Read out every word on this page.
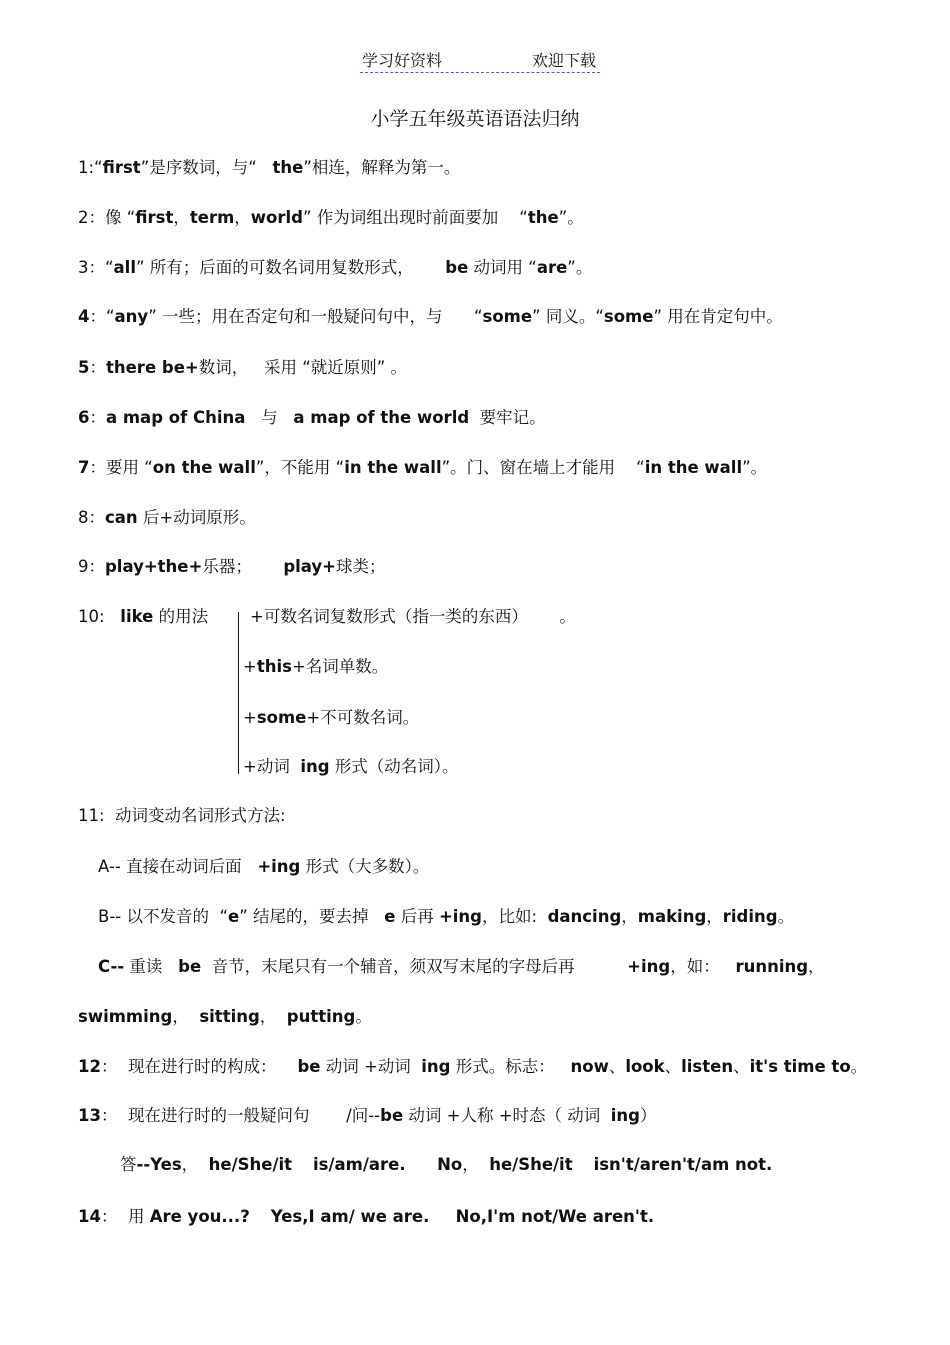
学习好资料	欢迎下载
小学五年级英语语法归纳
1:“first”是序数词，与“   the”相连，解释为第一。
2：像 “first，term，world” 作为词组出现时前面要加    “the”。
3：“all” 所有；后面的可数名词用复数形式，      be 动词用 “are”。
4：“any” 一些；用在否定句和一般疑问句中，与      “some” 同义。“some” 用在肯定句中。
5：there be+数词，   采用 “就近原则” 。
6：a map of China   与   a map of the world  要牢记。
7：要用 “on the wall”，不能用 “in the wall”。门、窗在墙上才能用    “in the wall”。
8：can 后+动词原形。
9：play+the+乐器；      play+球类；
10:   like 的用法	+可数名词复数形式（指一类的东西）      。
+this+名词单数。
+some+不可数名词。
+动词  ing 形式（动名词）。
11:  动词变动名词形式方法:
A-- 直接在动词后面   +ing 形式（大多数）。
B-- 以不发音的  “e” 结尾的，要去掉   e 后再 +ing，比如:  dancing，making，riding。
C-- 重读   be  音节，末尾只有一个辅音，须双写末尾的字母后再          +ing，如：   running，
swimming，  sitting，  putting。
12：  现在进行时的构成：    be 动词 +动词  ing 形式。标志：   now、look、listen、it's time to。
13：  现在进行时的一般疑问句       /问--be 动词 +人称 +时态（ 动词  ing）
答--Yes，  he/She/it is/am/are. No，  he/She/it isn't/aren't/am not.
14：  用 Are you...? Yes,I am/ we are. No,I'm not/We aren't.
